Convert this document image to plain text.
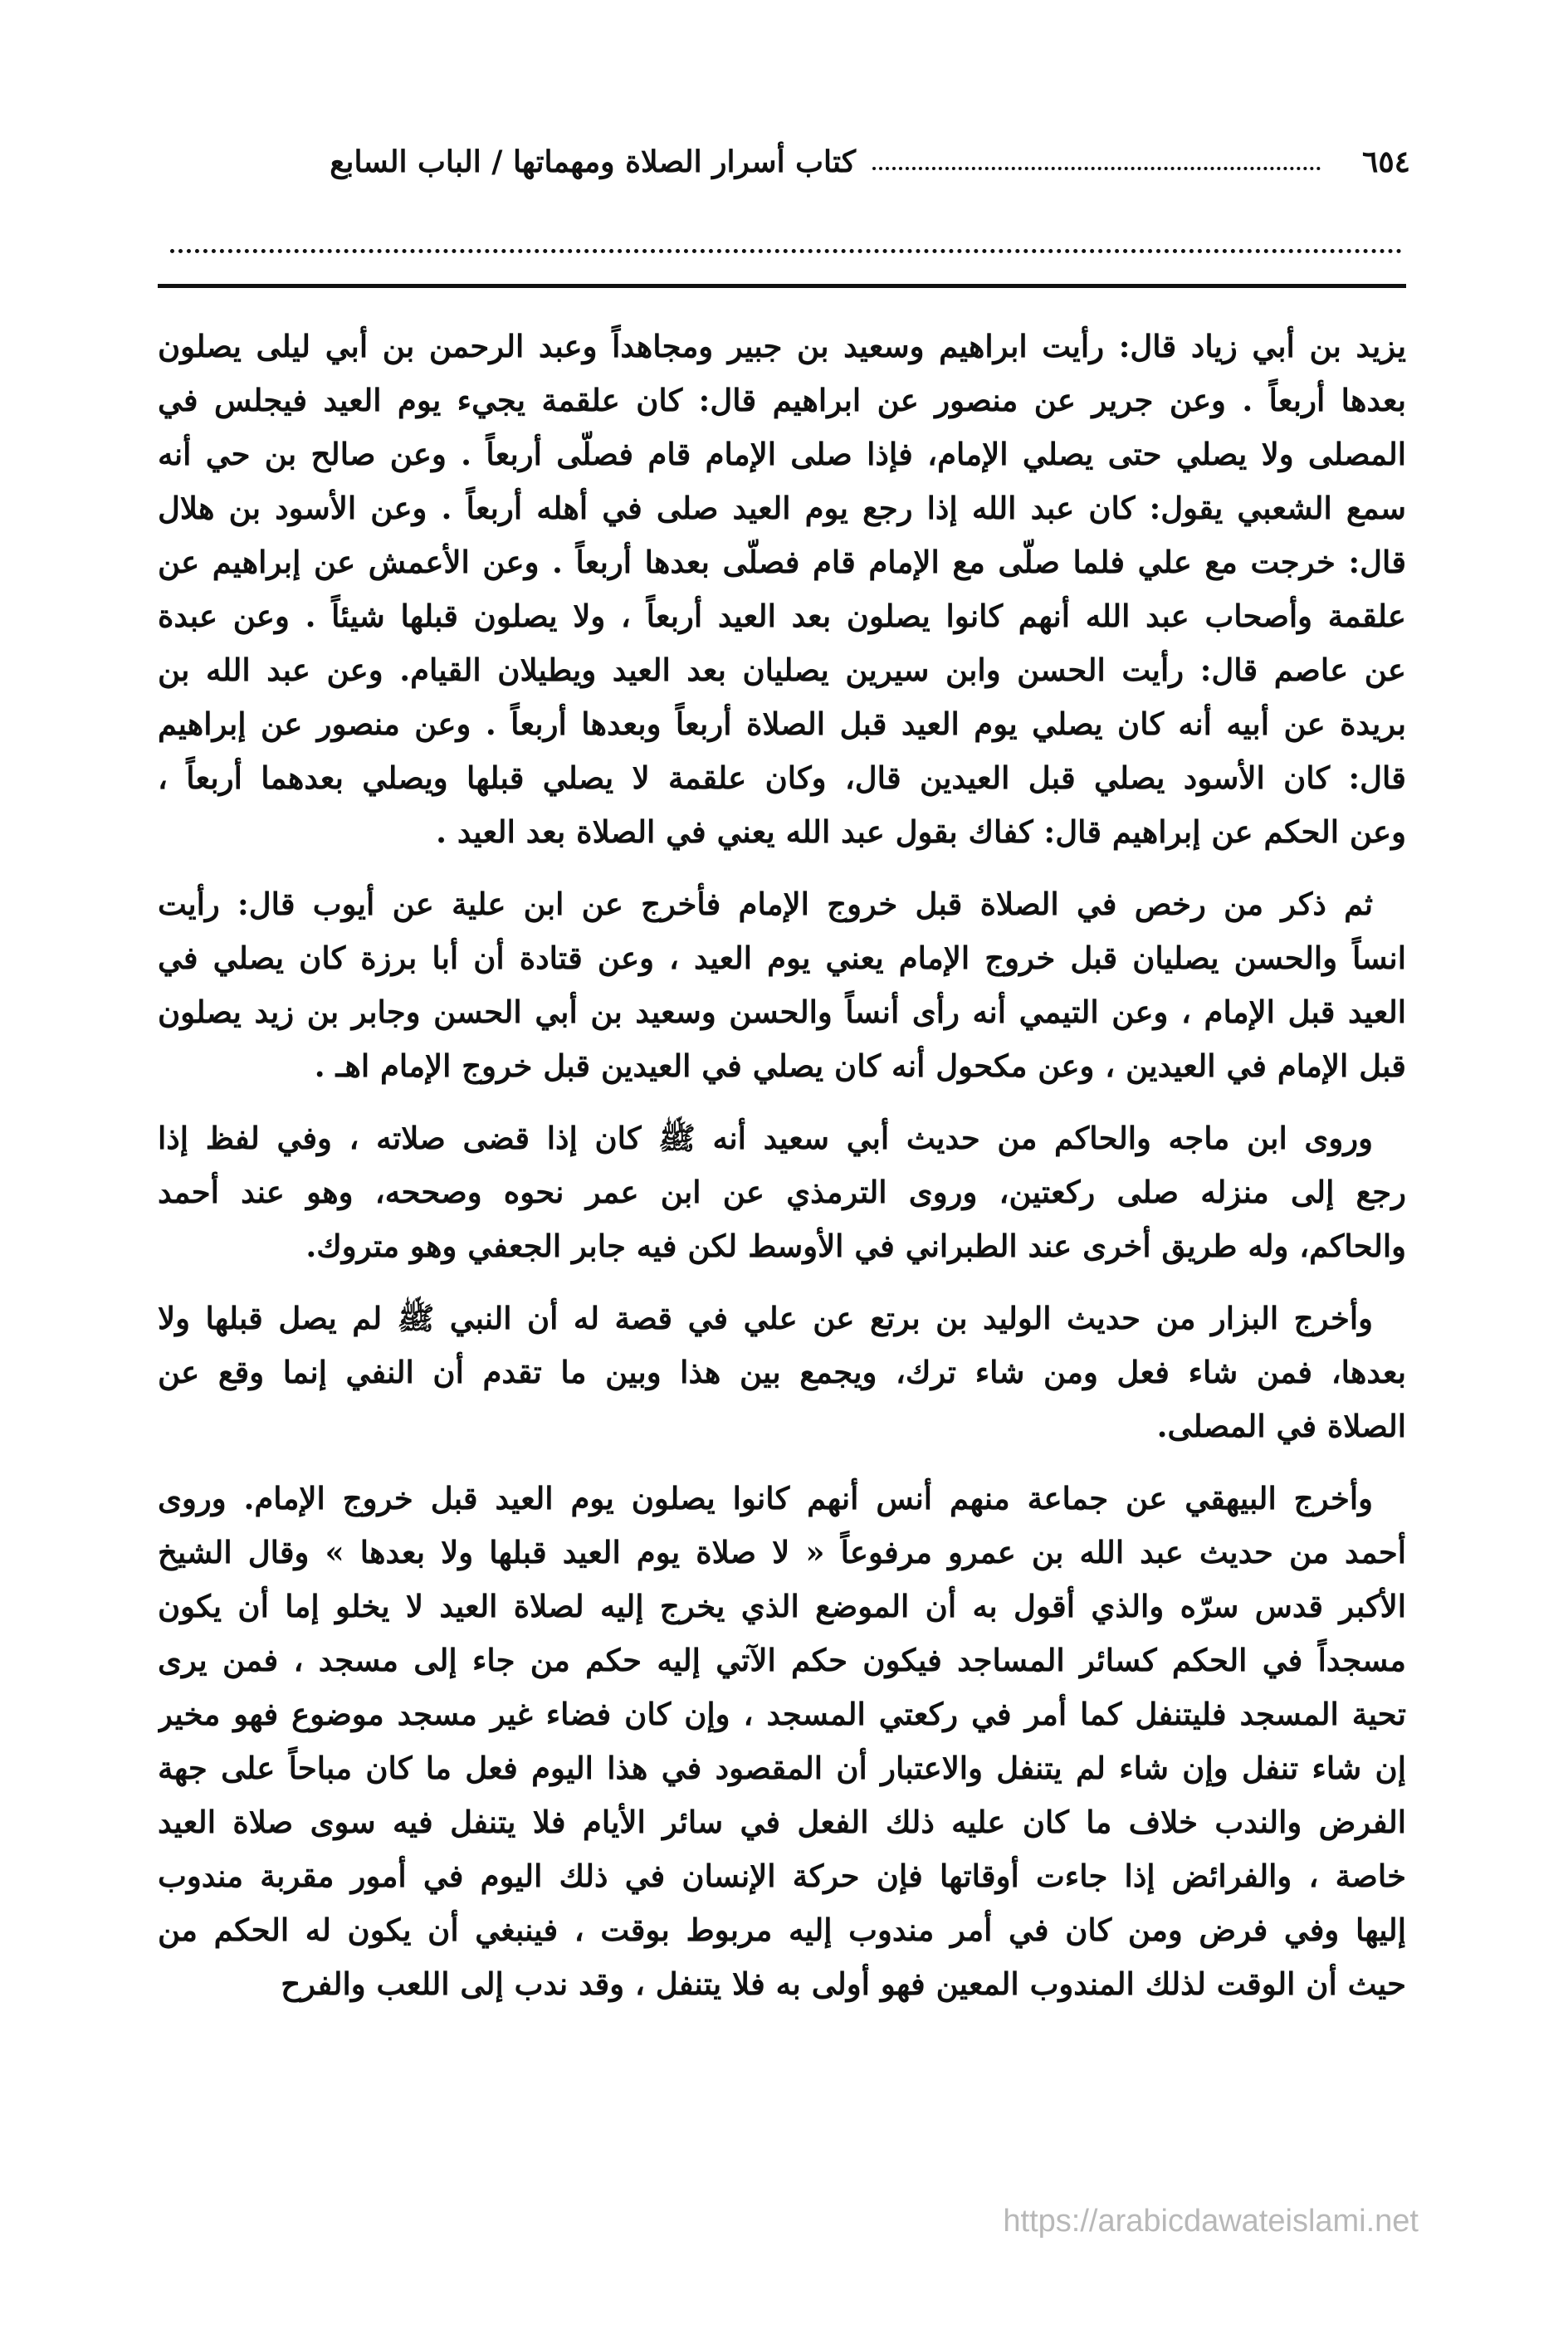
٦٥٤
كتاب أسرار الصلاة ومهماتها / الباب السابع
يزيد بن أبي زياد قال: رأيت ابراهيم وسعيد بن جبير ومجاهداً وعبد الرحمن بن أبي ليلى يصلون
بعدها أربعاً . وعن جرير عن منصور عن ابراهيم قال: كان علقمة يجيء يوم العيد فيجلس في
المصلى ولا يصلي حتى يصلي الإمام، فإذا صلى الإمام قام فصلّى أربعاً . وعن صالح بن حي أنه
سمع الشعبي يقول: كان عبد الله إذا رجع يوم العيد صلى في أهله أربعاً . وعن الأسود بن هلال
قال: خرجت مع علي فلما صلّى مع الإمام قام فصلّى بعدها أربعاً . وعن الأعمش عن إبراهيم عن
علقمة وأصحاب عبد الله أنهم كانوا يصلون بعد العيد أربعاً ، ولا يصلون قبلها شيئاً . وعن عبدة
عن عاصم قال: رأيت الحسن وابن سيرين يصليان بعد العيد ويطيلان القيام. وعن عبد الله بن
بريدة عن أبيه أنه كان يصلي يوم العيد قبل الصلاة أربعاً وبعدها أربعاً . وعن منصور عن إبراهيم
قال: كان الأسود يصلي قبل العيدين قال، وكان علقمة لا يصلي قبلها ويصلي بعدهما أربعاً ،
وعن الحكم عن إبراهيم قال: كفاك بقول عبد الله يعني في الصلاة بعد العيد .
ثم ذكر من رخص في الصلاة قبل خروج الإمام فأخرج عن ابن علية عن أيوب قال: رأيت
انساً والحسن يصليان قبل خروج الإمام يعني يوم العيد ، وعن قتادة أن أبا برزة كان يصلي في
العيد قبل الإمام ، وعن التيمي أنه رأى أنساً والحسن وسعيد بن أبي الحسن وجابر بن زيد يصلون
قبل الإمام في العيدين ، وعن مكحول أنه كان يصلي في العيدين قبل خروج الإمام اهـ .
وروى ابن ماجه والحاكم من حديث أبي سعيد أنه ﷺ كان إذا قضى صلاته ، وفي لفظ إذا
رجع إلى منزله صلى ركعتين، وروى الترمذي عن ابن عمر نحوه وصححه، وهو عند أحمد
والحاكم، وله طريق أخرى عند الطبراني في الأوسط لكن فيه جابر الجعفي وهو متروك.
وأخرج البزار من حديث الوليد بن برتع عن علي في قصة له أن النبي ﷺ لم يصل قبلها ولا
بعدها، فمن شاء فعل ومن شاء ترك، ويجمع بين هذا وبين ما تقدم أن النفي إنما وقع عن
الصلاة في المصلى.
وأخرج البيهقي عن جماعة منهم أنس أنهم كانوا يصلون يوم العيد قبل خروج الإمام. وروى
أحمد من حديث عبد الله بن عمرو مرفوعاً « لا صلاة يوم العيد قبلها ولا بعدها » وقال الشيخ
الأكبر قدس سرّه والذي أقول به أن الموضع الذي يخرج إليه لصلاة العيد لا يخلو إما أن يكون
مسجداً في الحكم كسائر المساجد فيكون حكم الآتي إليه حكم من جاء إلى مسجد ، فمن يرى
تحية المسجد فليتنفل كما أمر في ركعتي المسجد ، وإن كان فضاء غير مسجد موضوع فهو مخير
إن شاء تنفل وإن شاء لم يتنفل والاعتبار أن المقصود في هذا اليوم فعل ما كان مباحاً على جهة
الفرض والندب خلاف ما كان عليه ذلك الفعل في سائر الأيام فلا يتنفل فيه سوى صلاة العيد
خاصة ، والفرائض إذا جاءت أوقاتها فإن حركة الإنسان في ذلك اليوم في أمور مقربة مندوب
إليها وفي فرض ومن كان في أمر مندوب إليه مربوط بوقت ، فينبغي أن يكون له الحكم من
حيث أن الوقت لذلك المندوب المعين فهو أولى به فلا يتنفل ، وقد ندب إلى اللعب والفرح
https://arabicdawateislami.net
